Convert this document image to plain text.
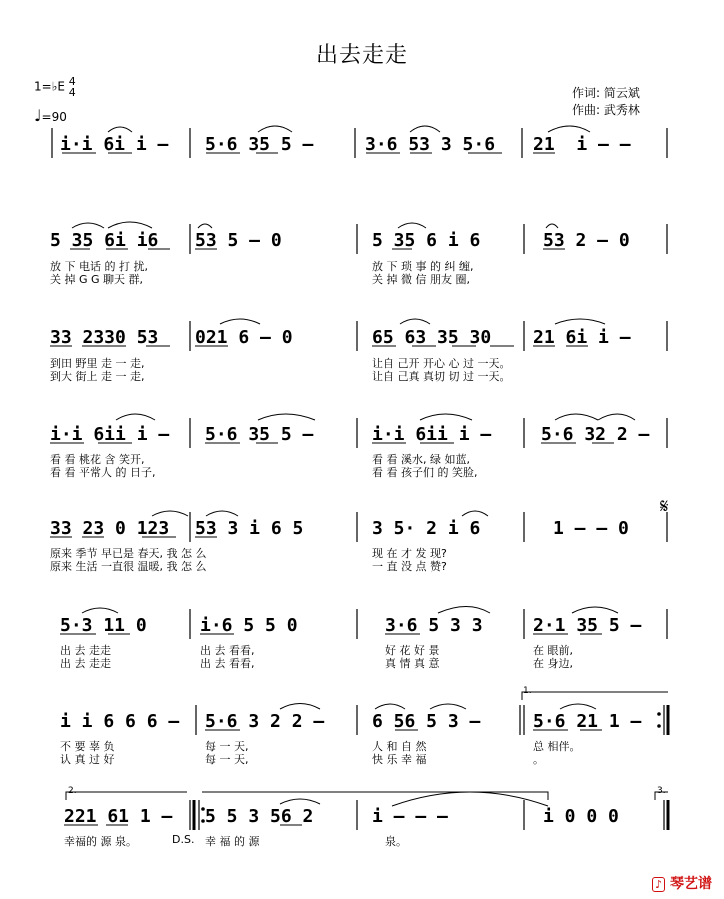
出去走走
作词: 简云斌
作曲: 武秀林
1=♭E 4
4
♩=90
i·i 6i i – 5·6 35 5 –	3·6 53 3 5·6 21  i – –
5 35 6i i6 53 5 – 0	5 35 6 i 6	53 2 – 0
放 下 电话 的 打 扰,	放 下 琐 事 的 纠 缠,
关 掉 G G 聊天 群,	关 掉 微 信 朋友 圈,
33 2330 53 021 6 – 0	65 63 35 30 21 6i i –
到田 野里 走 一 走,	让自 己开 开心 心 过 一天。
到大 街上 走 一 走,	让自 己真 真切 切 过 一天。
i·i 6ii i – 5·6 35 5 –	i·i 6ii i –	5·6 32 2 –
看 看 桃花 含 笑开,	看 看 溪水, 绿 如蓝,
看 看 平常人 的 日子,	看 看 孩子们 的 笑脸,
33 23 0 123 53 3 i 6 5	3 5· 2 i 6	1 – – 0
𝄋
原来 季节 早已是 春天, 我 怎 么	现 在 才 发 现?
原来 生活 一直很 温暖, 我 怎 么	一 直 没 点 赞?
5·3 11 0	i·6 5 5 0	3·6 5 3 3	2·1 35 5 –
出 去 走走	出 去 看看,	好 花 好 景	在 眼前,
出 去 走走	出 去 看看,	真 情 真 意	在 身边,
i i 6 6 6 – 5·6 3 2 2 –	6 56 5 3 –	5·6 21 1 –
1.
不 要 辜 负	每 一 天,	人 和 自 然	总 相伴。
认 真 过 好	每 一 天,	快 乐 幸 福	。
221 61 1 – 5 5 3 56 2	i – – –	i 0 0 0
2.	3.
幸福的 源 泉。	D.S. 幸 福 的 源	泉。
♪ 琴艺谱
